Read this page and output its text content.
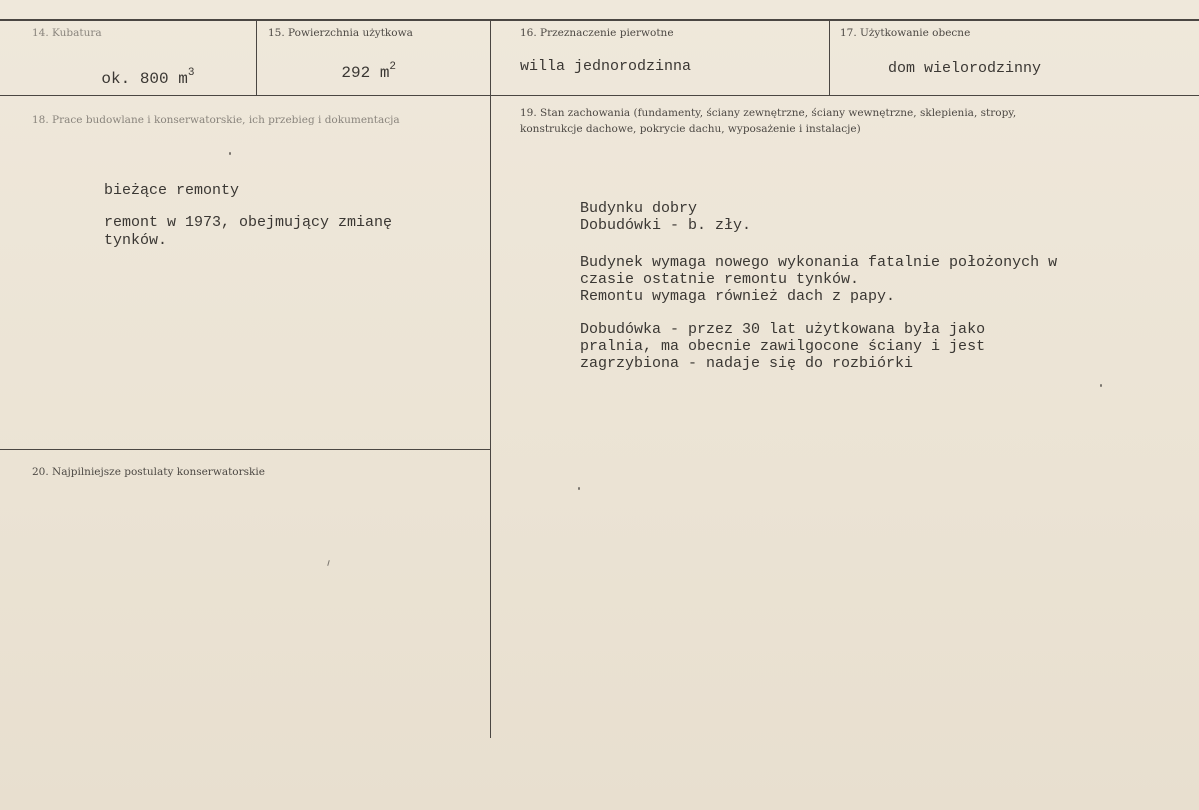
14. Kubatura

ok. 800 $m^3$

15. Powierzchnia użytkowa

292 $m^2$

16. Przeznaczenie pierwotne
willa jednorodzinna
17. Użytkowanie obecne
dom wielorodzinny
18. Prace budowlane i konserwatorskie, ich przebieg i dokumentacja
bieżące remonty
remont w 1973, obejmujący zmianę
tynków.
19. Stan zachowania (fundamenty, ściany zewnętrzne, ściany wewnętrzne, sklepienia, stropy,
konstrukcje dachowe, pokrycie dachu, wyposażenie i instalacje)
Budynku dobry
Dobudówki - b. zły.
Budynek wymaga nowego wykonania fatalnie położonych w
czasie ostatnie remontu tynków.
Remontu wymaga również dach z papy.
Dobudówka - przez 30 lat użytkowana była jako
pralnia, ma obecnie zawilgocone ściany i jest
zagrzybiona - nadaje się do rozbiórki
20. Najpilniejsze postulaty konserwatorskie
